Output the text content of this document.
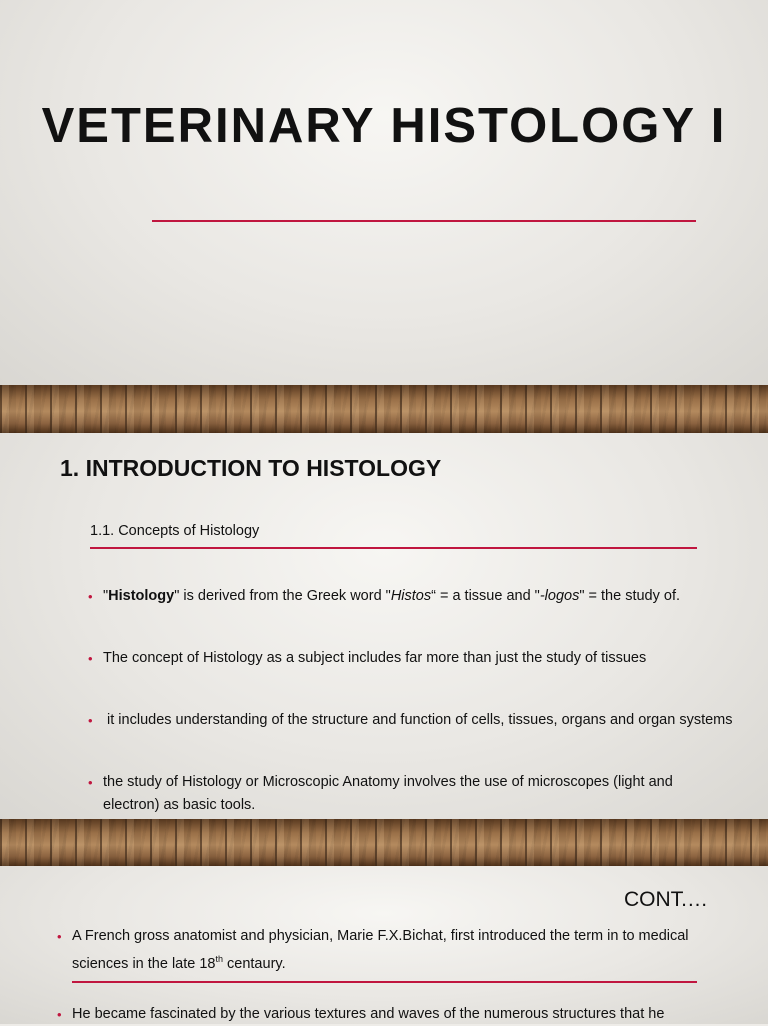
VETERINARY HISTOLOGY I
1. INTRODUCTION TO HISTOLOGY
1.1. Concepts of Histology
• "Histology" is derived from the Greek word "Histos“ = a tissue and "-logos" = the study of.
• The concept of Histology as a subject includes far more than just the study of tissues
•  it includes understanding of the structure and function of cells, tissues, organs and organ systems
• the study of Histology or Microscopic Anatomy involves the use of microscopes (light and electron) as basic tools.
CONT.…
• A French gross anatomist and physician, Marie F.X.Bichat, first introduced the term in to medical sciences in the late 18th centaury.
• He became fascinated by the various textures and waves of the numerous structures that he
